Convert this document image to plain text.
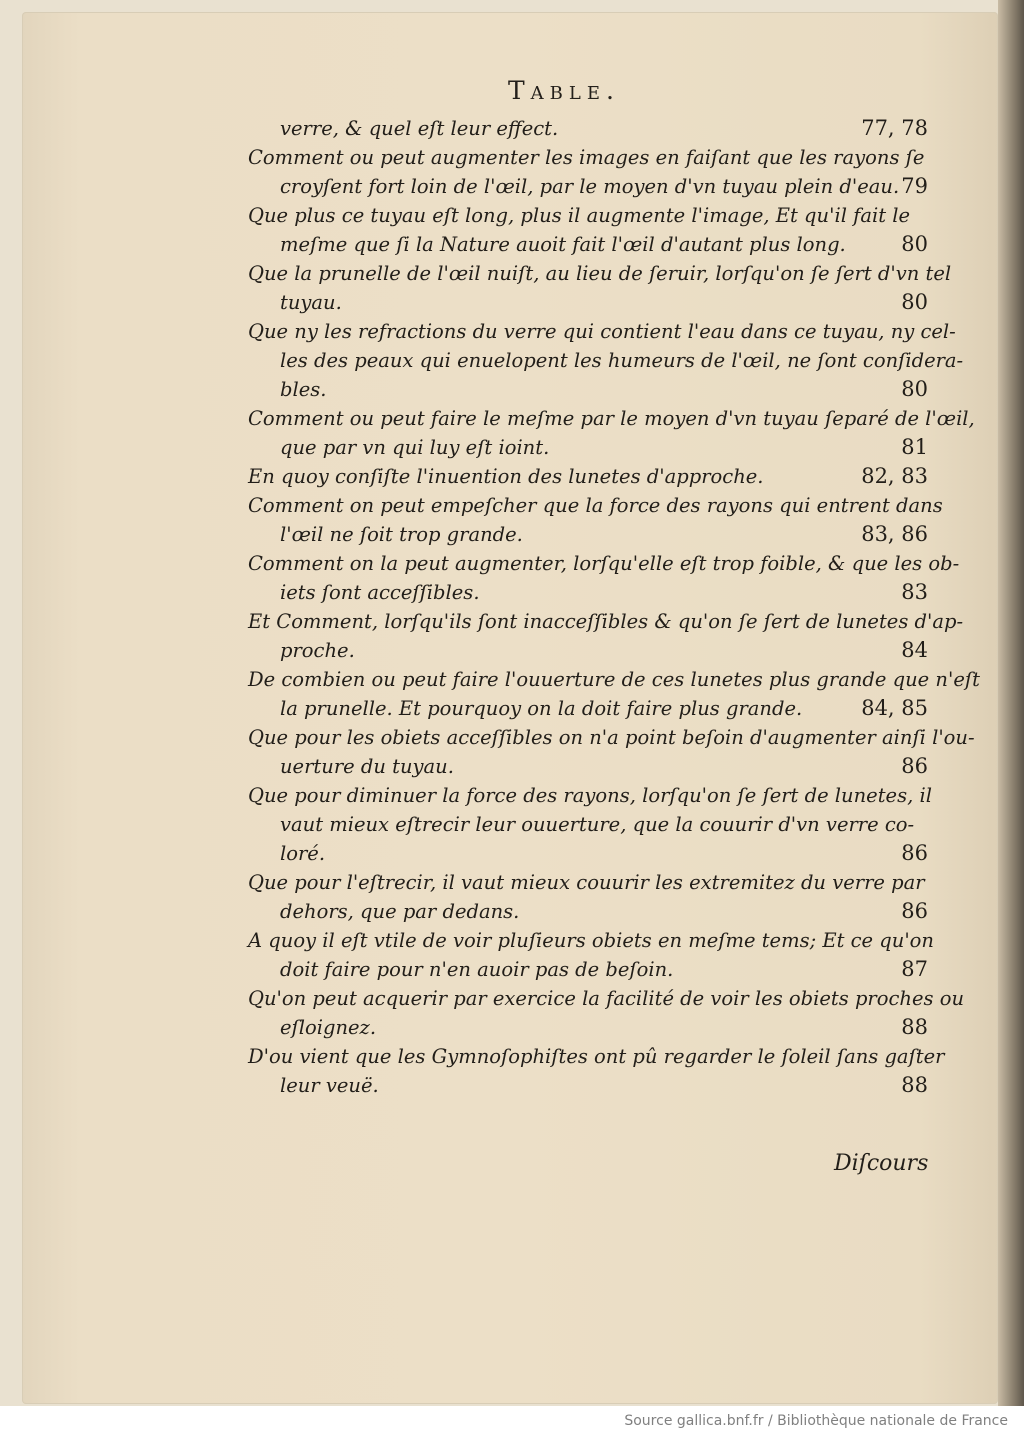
Table.
verre, & quel eſt leur effect.	77, 78
Comment ou peut augmenter les images en faiſant que les rayons ſe
croyſent fort loin de l'œil, par le moyen d'vn tuyau plein d'eau. 79
Que plus ce tuyau eſt long, plus il augmente l'image, Et qu'il fait le
meſme que ſi la Nature auoit fait l'œil d'autant plus long.	80
Que la prunelle de l'œil nuiſt, au lieu de ſeruir, lorſqu'on ſe ſert d'vn tel
tuyau.	80
Que ny les refractions du verre qui contient l'eau dans ce tuyau, ny cel-
les des peaux qui enuelopent les humeurs de l'œil, ne ſont conſidera-
bles.	80
Comment ou peut faire le meſme par le moyen d'vn tuyau ſeparé de l'œil,
que par vn qui luy eſt ioint.	81
En quoy conſiſte l'inuention des lunetes d'approche.	82, 83
Comment on peut empeſcher que la force des rayons qui entrent dans
l'œil ne ſoit trop grande.	83, 86
Comment on la peut augmenter, lorſqu'elle eſt trop foible, & que les ob-
iets ſont acceſſibles.	83
Et Comment, lorſqu'ils ſont inacceſſibles & qu'on ſe ſert de lunetes d'ap-
proche.	84
De combien ou peut faire l'ouuerture de ces lunetes plus grande que n'eſt
la prunelle. Et pourquoy on la doit faire plus grande.	84, 85
Que pour les obiets acceſſibles on n'a point beſoin d'augmenter ainſi l'ou-
uerture du tuyau.	86
Que pour diminuer la force des rayons, lorſqu'on ſe ſert de lunetes, il
vaut mieux eſtrecir leur ouuerture, que la couurir d'vn verre co-
loré.	86
Que pour l'eſtrecir, il vaut mieux couurir les extremitez du verre par
dehors, que par dedans.	86
A quoy il eſt vtile de voir pluſieurs obiets en meſme tems; Et ce qu'on
doit faire pour n'en auoir pas de beſoin.	87
Qu'on peut acquerir par exercice la facilité de voir les obiets proches ou
eſloignez.	88
D'ou vient que les Gymnoſophiſtes ont pû regarder le ſoleil ſans gaſter
leur veuë.	88
Diſcours
Source gallica.bnf.fr / Bibliothèque nationale de France
